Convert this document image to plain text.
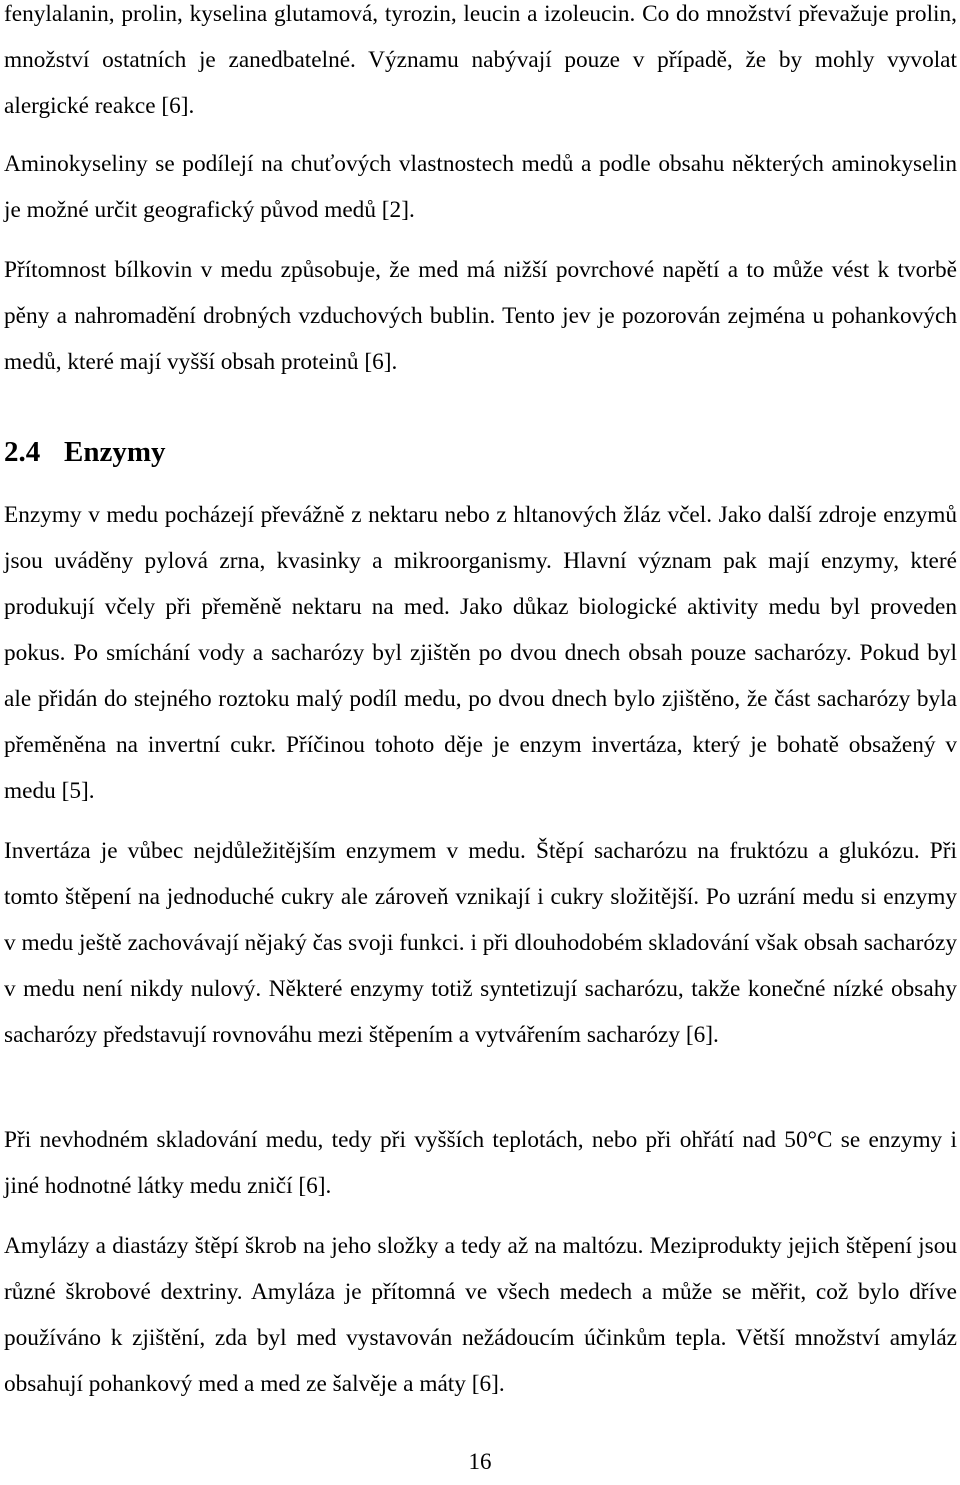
fenylalanin, prolin, kyselina glutamová, tyrozin, leucin a izoleucin. Co do množství převažuje prolin, množství ostatních je zanedbatelné. Významu nabývají pouze v případě, že by mohly vyvolat alergické reakce [6].

Aminokyseliny se podílejí na chuťových vlastnostech medů a podle obsahu některých aminokyselin je možné určit geografický původ medů [2].

Přítomnost bílkovin v medu způsobuje, že med má nižší povrchové napětí a to může vést k tvorbě pěny a nahromadění drobných vzduchových bublin. Tento jev je pozorován zejména u pohankových medů, které mají vyšší obsah proteinů [6].

2.4 Enzymy

Enzymy v medu pocházejí převážně z nektaru nebo z hltanových žláz včel. Jako další zdroje enzymů jsou uváděny pylová zrna, kvasinky a mikroorganismy. Hlavní význam pak mají enzymy, které produkují včely při přeměně nektaru na med. Jako důkaz biologické aktivity medu byl proveden pokus. Po smíchání vody a sacharózy byl zjištěn po dvou dnech obsah pouze sacharózy. Pokud byl ale přidán do stejného roztoku malý podíl medu, po dvou dnech bylo zjištěno, že část sacharózy byla přeměněna na invertní cukr. Příčinou tohoto děje je enzym invertáza, který je bohatě obsažený v medu [5].

Invertáza je vůbec nejdůležitějším enzymem v medu. Štěpí sacharózu na fruktózu a glukózu. Při tomto štěpení na jednoduché cukry ale zároveň vznikají i cukry složitější. Po uzrání medu si enzymy v medu ještě zachovávají nějaký čas svoji funkci. i při dlouhodobém skladování však obsah sacharózy v medu není nikdy nulový. Některé enzymy totiž syntetizují sacharózu, takže konečné nízké obsahy sacharózy představují rovnováhu mezi štěpením a vytvářením sacharózy [6].

Při nevhodném skladování medu, tedy při vyšších teplotách, nebo při ohřátí nad 50°C se enzymy i jiné hodnotné látky medu zničí [6].

Amylázy a diastázy štěpí škrob na jeho složky a tedy až na maltózu. Meziprodukty jejich štěpení jsou různé škrobové dextriny. Amyláza je přítomná ve všech medech a může se měřit, což bylo dříve používáno k zjištění, zda byl med vystavován nežádoucím účinkům tepla. Větší množství amyláz obsahují pohankový med a med ze šalvěje a máty [6].

16
